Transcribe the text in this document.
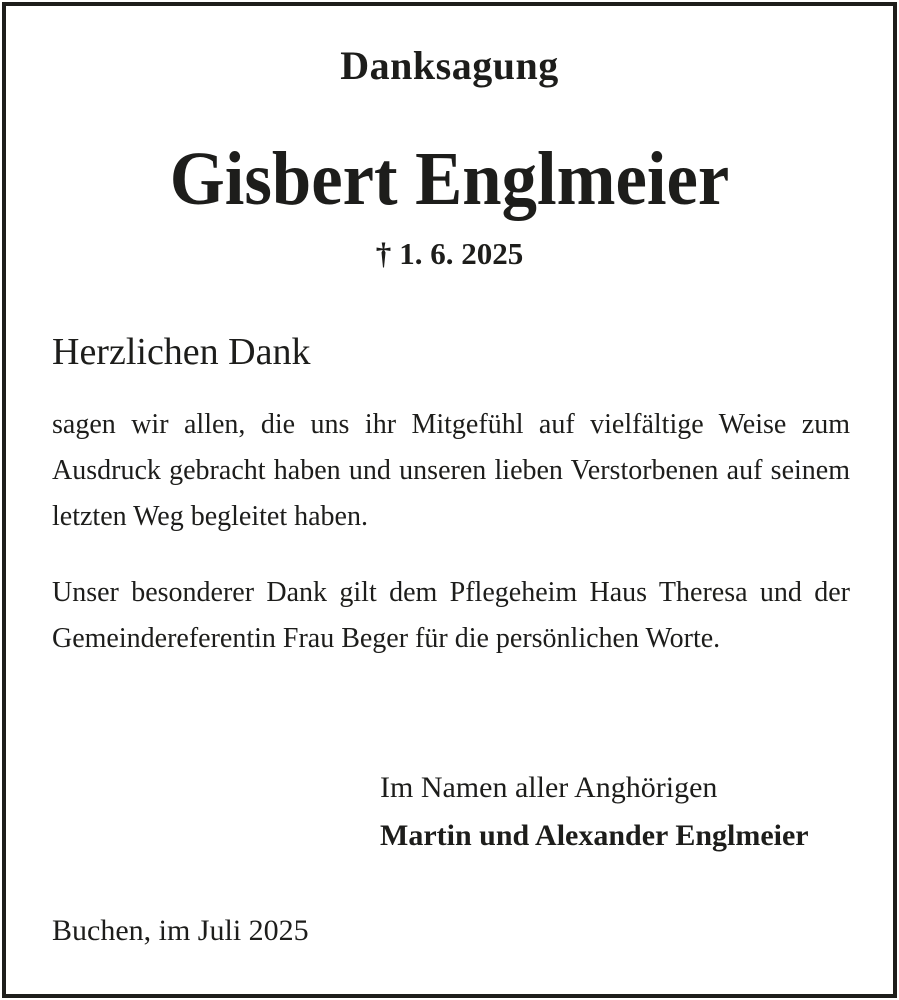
Danksagung
Gisbert Englmeier
† 1. 6. 2025
Herzlichen Dank

sagen wir allen, die uns ihr Mitgefühl auf vielfältige Weise zum Ausdruck gebracht haben und unseren lieben Verstorbenen auf seinem letzten Weg begleitet haben.

Unser besonderer Dank gilt dem Pflegeheim Haus Theresa und der Gemeindereferentin Frau Beger für die persönlichen Worte.

Im Namen aller Anghörigen
Martin und Alexander Englmeier
Buchen, im Juli 2025
